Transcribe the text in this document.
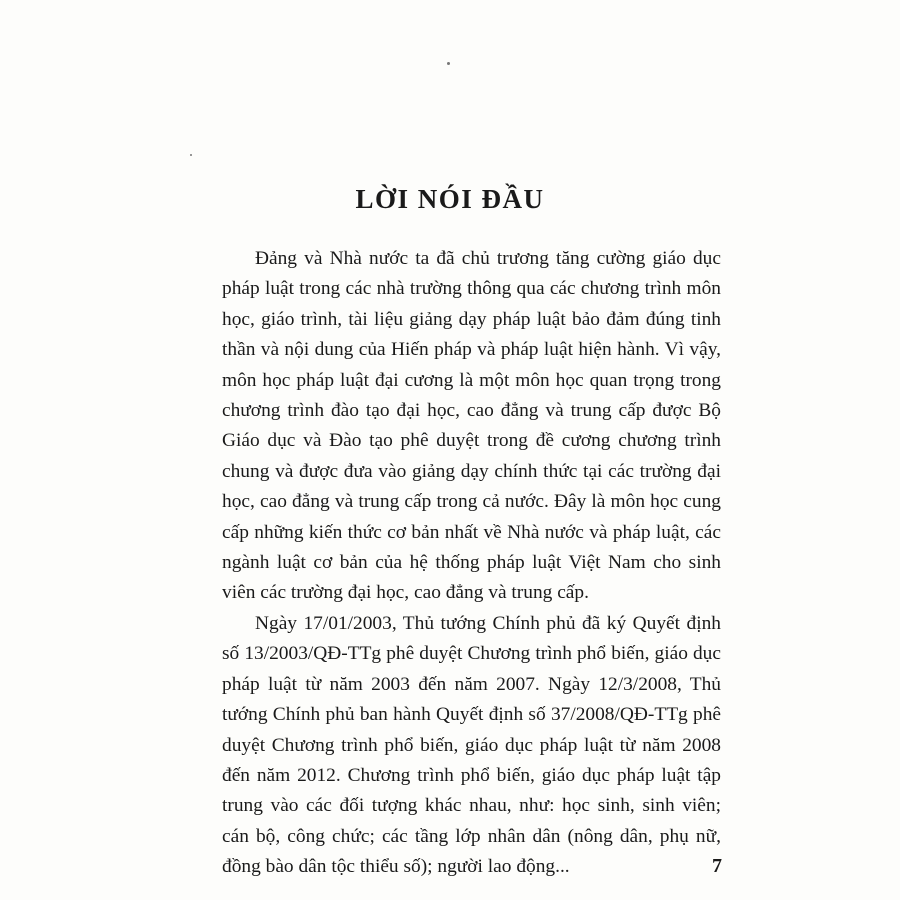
LỜI NÓI ĐẦU

Đảng và Nhà nước ta đã chủ trương tăng cường giáo dục pháp luật trong các nhà trường thông qua các chương trình môn học, giáo trình, tài liệu giảng dạy pháp luật bảo đảm đúng tinh thần và nội dung của Hiến pháp và pháp luật hiện hành. Vì vậy, môn học pháp luật đại cương là một môn học quan trọng trong chương trình đào tạo đại học, cao đẳng và trung cấp được Bộ Giáo dục và Đào tạo phê duyệt trong đề cương chương trình chung và được đưa vào giảng dạy chính thức tại các trường đại học, cao đẳng và trung cấp trong cả nước. Đây là môn học cung cấp những kiến thức cơ bản nhất về Nhà nước và pháp luật, các ngành luật cơ bản của hệ thống pháp luật Việt Nam cho sinh viên các trường đại học, cao đẳng và trung cấp.

Ngày 17/01/2003, Thủ tướng Chính phủ đã ký Quyết định số 13/2003/QĐ-TTg phê duyệt Chương trình phổ biến, giáo dục pháp luật từ năm 2003 đến năm 2007. Ngày 12/3/2008, Thủ tướng Chính phủ ban hành Quyết định số 37/2008/QĐ-TTg phê duyệt Chương trình phổ biến, giáo dục pháp luật từ năm 2008 đến năm 2012. Chương trình phổ biến, giáo dục pháp luật tập trung vào các đối tượng khác nhau, như: học sinh, sinh viên; cán bộ, công chức; các tầng lớp nhân dân (nông dân, phụ nữ, đồng bào dân tộc thiểu số); người lao động...	7
